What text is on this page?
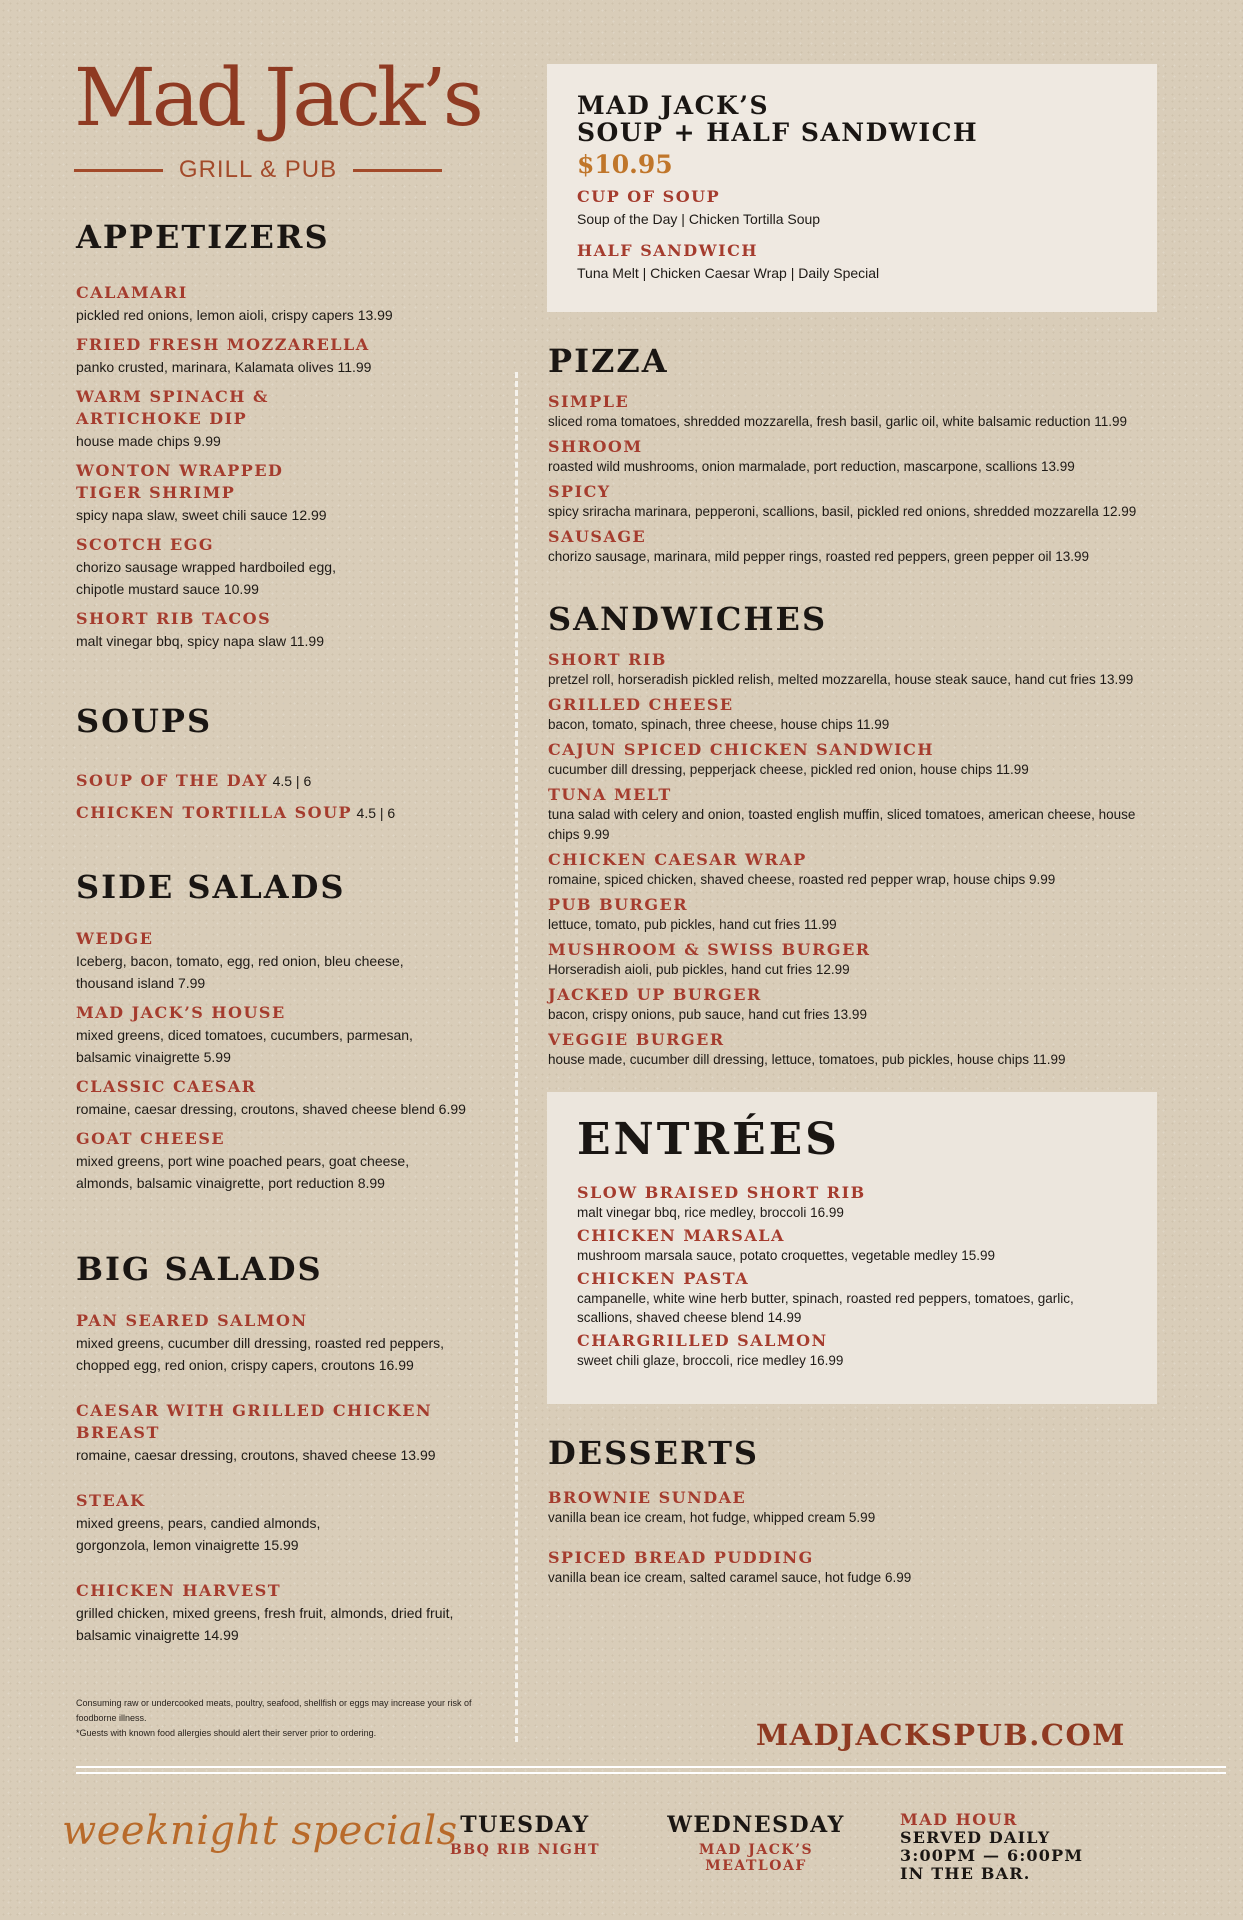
Mad Jack’s
GRILL & PUB
APPETIZERS
CALAMARI
pickled red onions, lemon aioli, crispy capers 13.99
FRIED FRESH MOZZARELLA
panko crusted, marinara, Kalamata olives 11.99
WARM SPINACH & ARTICHOKE DIP
house made chips 9.99
WONTON WRAPPED TIGER SHRIMP
spicy napa slaw, sweet chili sauce 12.99
SCOTCH EGG
chorizo sausage wrapped hardboiled egg, chipotle mustard sauce 10.99
SHORT RIB TACOS
malt vinegar bbq, spicy napa slaw 11.99
SOUPS
SOUP OF THE DAY 4.5 | 6
CHICKEN TORTILLA SOUP 4.5 | 6
SIDE SALADS
WEDGE
Iceberg, bacon, tomato, egg, red onion, bleu cheese, thousand island 7.99
MAD JACK’S HOUSE
mixed greens, diced tomatoes, cucumbers, parmesan, balsamic vinaigrette 5.99
CLASSIC CAESAR
romaine, caesar dressing, croutons, shaved cheese blend 6.99
GOAT CHEESE
mixed greens, port wine poached pears, goat cheese, almonds, balsamic vinaigrette, port reduction 8.99
BIG SALADS
PAN SEARED SALMON
mixed greens, cucumber dill dressing, roasted red peppers, chopped egg, red onion, crispy capers, croutons 16.99
CAESAR WITH GRILLED CHICKEN BREAST
romaine, caesar dressing, croutons, shaved cheese 13.99
STEAK
mixed greens, pears, candied almonds, gorgonzola, lemon vinaigrette 15.99
CHICKEN HARVEST
grilled chicken, mixed greens, fresh fruit, almonds, dried fruit, balsamic vinaigrette 14.99
Consuming raw or undercooked meats, poultry, seafood, shellfish or eggs may increase your risk of foodborne illness.
*Guests with known food allergies should alert their server prior to ordering.
MAD JACK’S
SOUP + HALF SANDWICH
$10.95
CUP OF SOUP
Soup of the Day | Chicken Tortilla Soup
HALF SANDWICH
Tuna Melt | Chicken Caesar Wrap | Daily Special
PIZZA
SIMPLE
sliced roma tomatoes, shredded mozzarella, fresh basil, garlic oil, white balsamic reduction 11.99
SHROOM
roasted wild mushrooms, onion marmalade, port reduction, mascarpone, scallions 13.99
SPICY
spicy sriracha marinara, pepperoni, scallions, basil, pickled red onions, shredded mozzarella 12.99
SAUSAGE
chorizo sausage, marinara, mild pepper rings, roasted red peppers, green pepper oil 13.99
SANDWICHES
SHORT RIB
pretzel roll, horseradish pickled relish, melted mozzarella, house steak sauce, hand cut fries 13.99
GRILLED CHEESE
bacon, tomato, spinach, three cheese, house chips 11.99
CAJUN SPICED CHICKEN SANDWICH
cucumber dill dressing, pepperjack cheese, pickled red onion, house chips 11.99
TUNA MELT
tuna salad with celery and onion, toasted english muffin, sliced tomatoes, american cheese, house chips 9.99
CHICKEN CAESAR WRAP
romaine, spiced chicken, shaved cheese, roasted red pepper wrap, house chips 9.99
PUB BURGER
lettuce, tomato, pub pickles, hand cut fries 11.99
MUSHROOM & SWISS BURGER
Horseradish aioli, pub pickles, hand cut fries 12.99
JACKED UP BURGER
bacon, crispy onions, pub sauce, hand cut fries 13.99
VEGGIE BURGER
house made, cucumber dill dressing, lettuce, tomatoes, pub pickles, house chips 11.99
ENTRÉES
SLOW BRAISED SHORT RIB
malt vinegar bbq, rice medley, broccoli 16.99
CHICKEN MARSALA
mushroom marsala sauce, potato croquettes, vegetable medley 15.99
CHICKEN PASTA
campanelle, white wine herb butter, spinach, roasted red peppers, tomatoes, garlic, scallions, shaved cheese blend 14.99
CHARGRILLED SALMON
sweet chili glaze, broccoli, rice medley 16.99
DESSERTS
BROWNIE SUNDAE
vanilla bean ice cream, hot fudge, whipped cream 5.99
SPICED BREAD PUDDING
vanilla bean ice cream, salted caramel sauce, hot fudge 6.99
MADJACKSPUB.COM
weeknight specials TUESDAY
BBQ RIB NIGHT
WEDNESDAY
MAD JACK’S
MEATLOAF
MAD HOUR
SERVED DAILY
3:00PM — 6:00PM
IN THE BAR.
